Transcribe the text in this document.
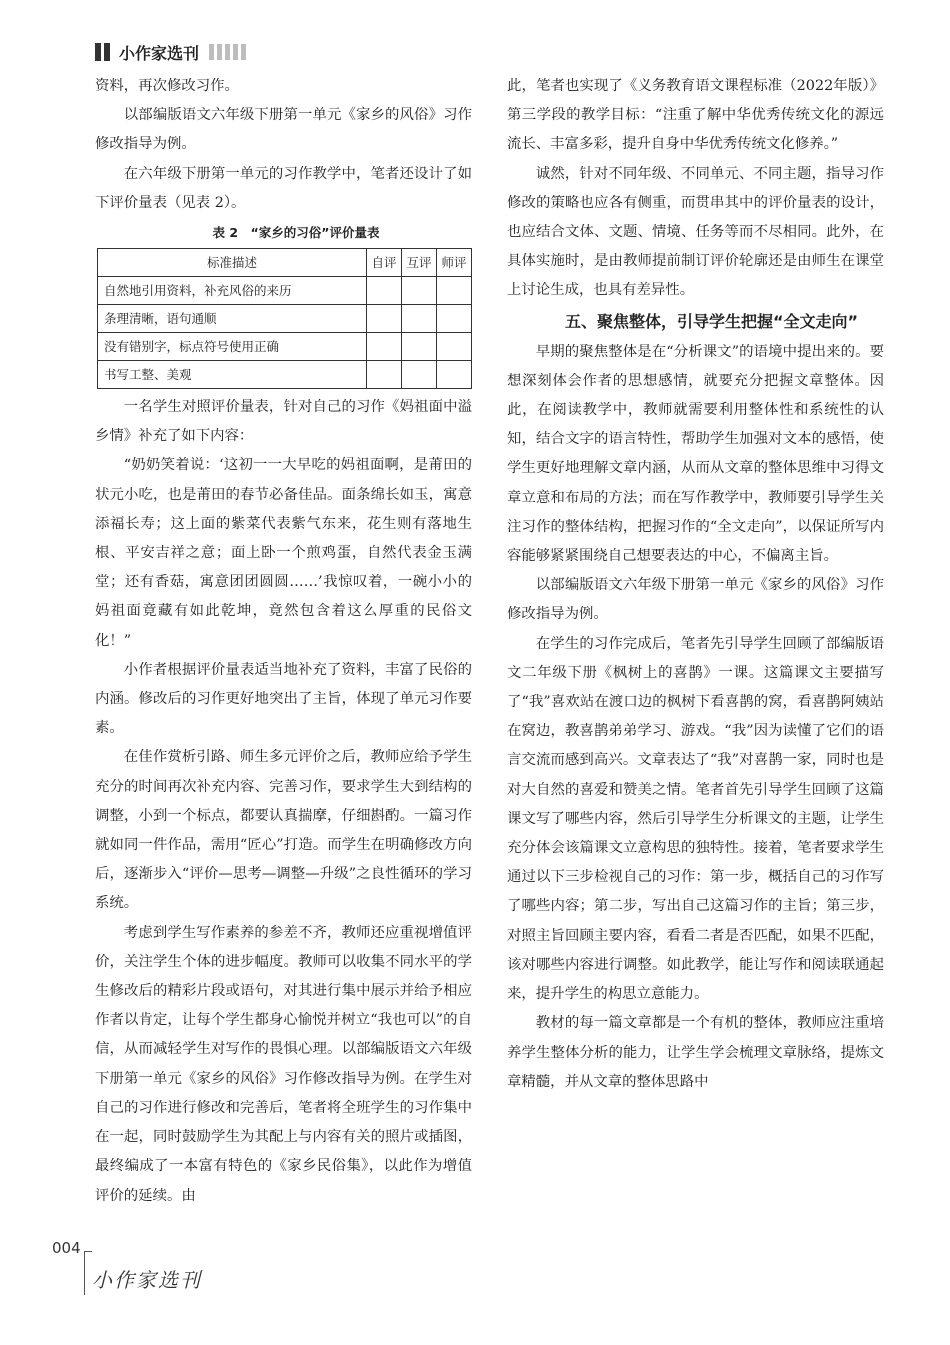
小作家选刊

资料，再次修改习作。

以部编版语文六年级下册第一单元《家乡的风俗》习作修改指导为例。

在六年级下册第一单元的习作教学中，笔者还设计了如下评价量表（见表 2）。

表 2　“家乡的习俗”评价量表

标准描述	自评	互评	师评
自然地引用资料，补充风俗的来历			
条理清晰，语句通顺			
没有错别字，标点符号使用正确			
书写工整、美观			

一名学生对照评价量表，针对自己的习作《妈祖面中溢乡情》补充了如下内容：

“奶奶笑着说：‘这初一一大早吃的妈祖面啊，是莆田的状元小吃，也是莆田的春节必备佳品。面条绵长如玉，寓意添福长寿；这上面的紫菜代表紫气东来，花生则有落地生根、平安吉祥之意；面上卧一个煎鸡蛋，自然代表金玉满堂；还有香菇，寓意团团圆圆……’我惊叹着，一碗小小的妈祖面竟藏有如此乾坤，竟然包含着这么厚重的民俗文化！”

小作者根据评价量表适当地补充了资料，丰富了民俗的内涵。修改后的习作更好地突出了主旨，体现了单元习作要素。

在佳作赏析引路、师生多元评价之后，教师应给予学生充分的时间再次补充内容、完善习作，要求学生大到结构的调整，小到一个标点，都要认真揣摩，仔细斟酌。一篇习作就如同一件作品，需用“匠心”打造。而学生在明确修改方向后，逐渐步入“评价—思考—调整—升级”之良性循环的学习系统。

考虑到学生写作素养的参差不齐，教师还应重视增值评价，关注学生个体的进步幅度。教师可以收集不同水平的学生修改后的精彩片段或语句，对其进行集中展示并给予相应作者以肯定，让每个学生都身心愉悦并树立“我也可以”的自信，从而减轻学生对写作的畏惧心理。以部编版语文六年级下册第一单元《家乡的风俗》习作修改指导为例。在学生对自己的习作进行修改和完善后，笔者将全班学生的习作集中在一起，同时鼓励学生为其配上与内容有关的照片或插图，最终编成了一本富有特色的《家乡民俗集》，以此作为增值评价的延续。由

此，笔者也实现了《义务教育语文课程标准（2022年版）》第三学段的教学目标：“注重了解中华优秀传统文化的源远流长、丰富多彩，提升自身中华优秀传统文化修养。”

诚然，针对不同年级、不同单元、不同主题，指导习作修改的策略也应各有侧重，而贯串其中的评价量表的设计，也应结合文体、文题、情境、任务等而不尽相同。此外，在具体实施时，是由教师提前制订评价轮廓还是由师生在课堂上讨论生成，也具有差异性。

五、聚焦整体，引导学生把握“全文走向”

早期的聚焦整体是在“分析课文”的语境中提出来的。要想深刻体会作者的思想感情，就要充分把握文章整体。因此，在阅读教学中，教师就需要利用整体性和系统性的认知，结合文字的语言特性，帮助学生加强对文本的感悟，使学生更好地理解文章内涵，从而从文章的整体思维中习得文章立意和布局的方法；而在写作教学中，教师要引导学生关注习作的整体结构，把握习作的“全文走向”，以保证所写内容能够紧紧围绕自己想要表达的中心，不偏离主旨。

以部编版语文六年级下册第一单元《家乡的风俗》习作修改指导为例。

在学生的习作完成后，笔者先引导学生回顾了部编版语文二年级下册《枫树上的喜鹊》一课。这篇课文主要描写了“我”喜欢站在渡口边的枫树下看喜鹊的窝，看喜鹊阿姨站在窝边，教喜鹊弟弟学习、游戏。“我”因为读懂了它们的语言交流而感到高兴。文章表达了“我”对喜鹊一家，同时也是对大自然的喜爱和赞美之情。笔者首先引导学生回顾了这篇课文写了哪些内容，然后引导学生分析课文的主题，让学生充分体会该篇课文立意构思的独特性。接着，笔者要求学生通过以下三步检视自己的习作：第一步，概括自己的习作写了哪些内容；第二步，写出自己这篇习作的主旨；第三步，对照主旨回顾主要内容，看看二者是否匹配，如果不匹配，该对哪些内容进行调整。如此教学，能让写作和阅读联通起来，提升学生的构思立意能力。

教材的每一篇文章都是一个有机的整体，教师应注重培养学生整体分析的能力，让学生学会梳理文章脉络，提炼文章精髓，并从文章的整体思路中

004
小作家选刊
